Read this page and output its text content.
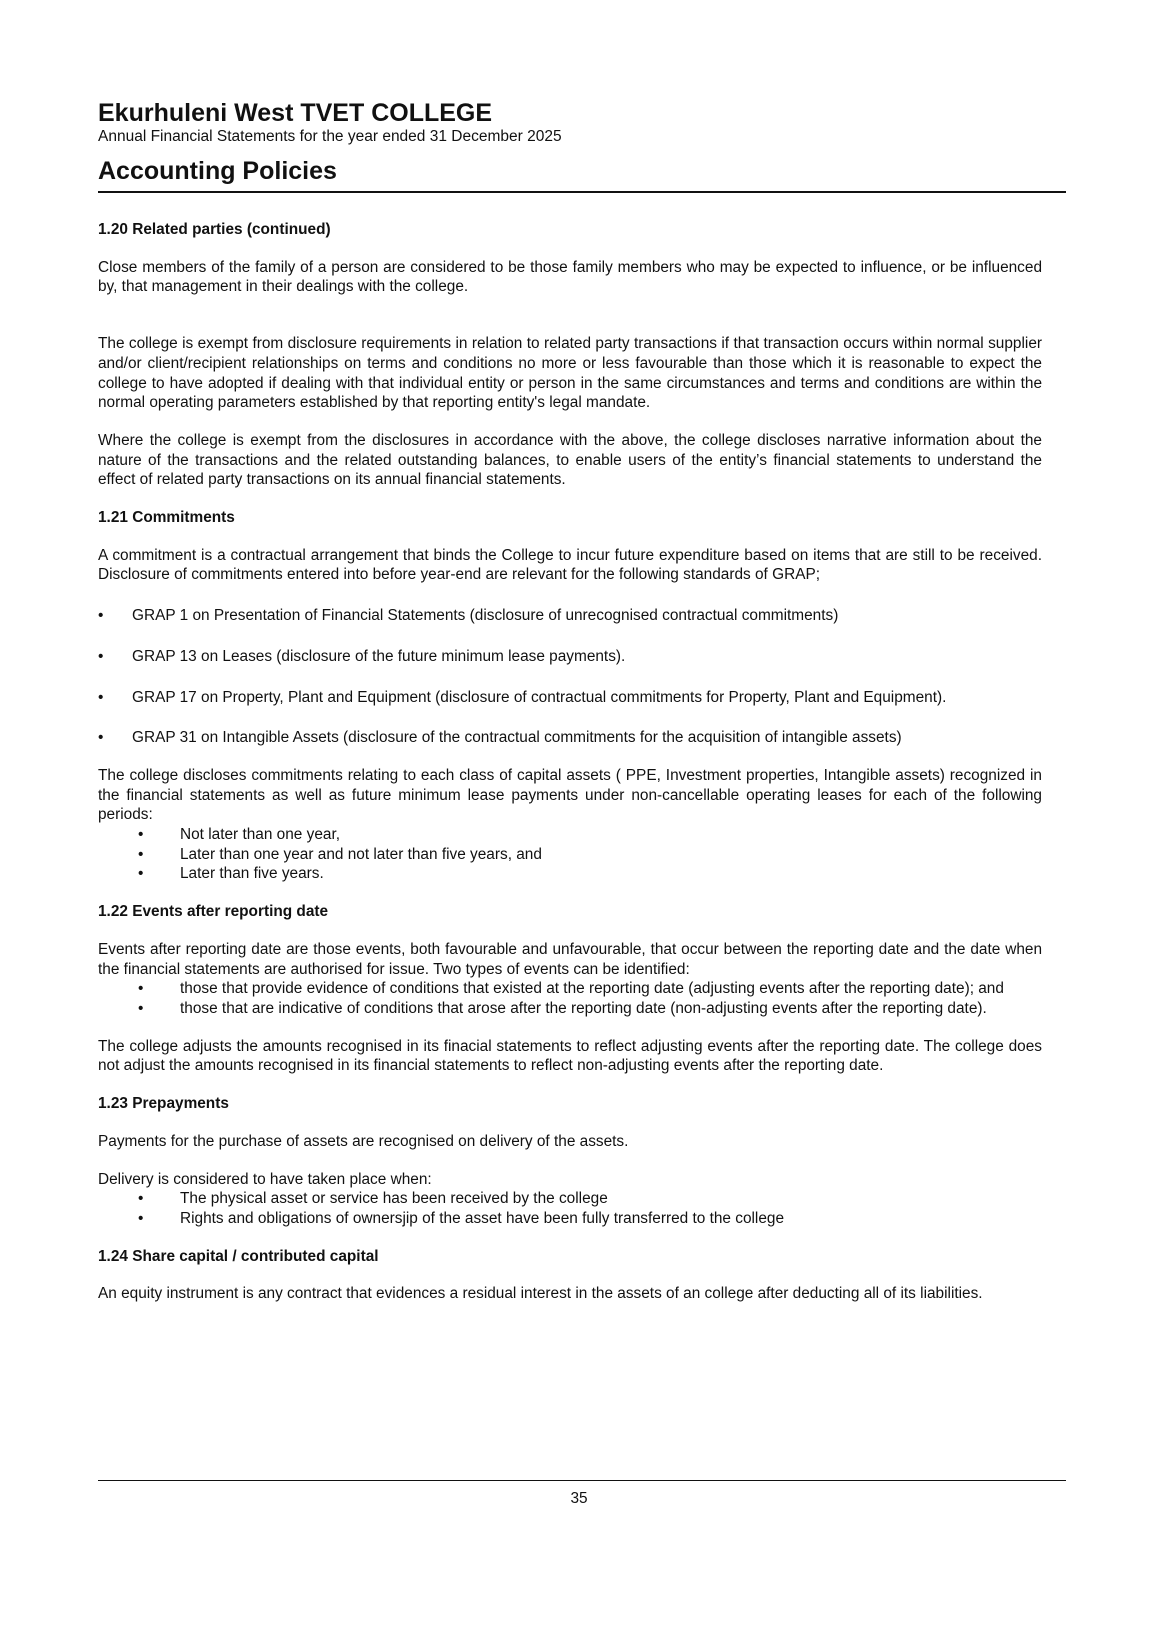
Ekurhuleni West TVET COLLEGE

Annual Financial Statements for the year ended 31 December 2025

Accounting Policies

1.20 Related parties (continued)

Close members of the family of a person are considered to be those family members who may be expected to influence, or be influenced by, that management in their dealings with the college.

The college is exempt from disclosure requirements in relation to related party transactions if that transaction occurs within normal supplier and/or client/recipient relationships on terms and conditions no more or less favourable than those which it is reasonable to expect the college to have adopted if dealing with that individual entity or person in the same circumstances and terms and conditions are within the normal operating parameters established by that reporting entity's legal mandate.

Where the college is exempt from the disclosures in accordance with the above, the college discloses narrative information about the nature of the transactions and the related outstanding balances, to enable users of the entity’s financial statements to understand the effect of related party transactions on its annual financial statements.

1.21 Commitments

A commitment is a contractual arrangement that binds the College to incur future expenditure based on items that are still to be received. Disclosure of commitments entered into before year-end are relevant for the following standards of GRAP;

• GRAP 1 on Presentation of Financial Statements (disclosure of unrecognised contractual commitments)
• GRAP 13 on Leases (disclosure of the future minimum lease payments).
• GRAP 17 on Property, Plant and Equipment (disclosure of contractual commitments for Property, Plant and Equipment).
• GRAP 31 on Intangible Assets (disclosure of the contractual commitments for the acquisition of intangible assets)

The college discloses commitments relating to each class of capital assets ( PPE, Investment properties, Intangible assets) recognized in the financial statements as well as future minimum lease payments under non-cancellable operating leases for each of the following periods:

• Not later than one year,
• Later than one year and not later than five years, and
• Later than five years.

1.22 Events after reporting date

Events after reporting date are those events, both favourable and unfavourable, that occur between the reporting date and the date when the financial statements are authorised for issue. Two types of events can be identified:

• those that provide evidence of conditions that existed at the reporting date (adjusting events after the reporting date); and
• those that are indicative of conditions that arose after the reporting date (non-adjusting events after the reporting date).

The college adjusts the amounts recognised in its finacial statements to reflect adjusting events after the reporting date. The college does not adjust the amounts recognised in its financial statements to reflect non-adjusting events after the reporting date.

1.23 Prepayments

Payments for the purchase of assets are recognised on delivery of the assets.

Delivery is considered to have taken place when:

• The physical asset or service has been received by the college
• Rights and obligations of ownersjip of the asset have been fully transferred to the college

1.24 Share capital / contributed capital

An equity instrument is any contract that evidences a residual interest in the assets of an college after deducting all of its liabilities.

35
